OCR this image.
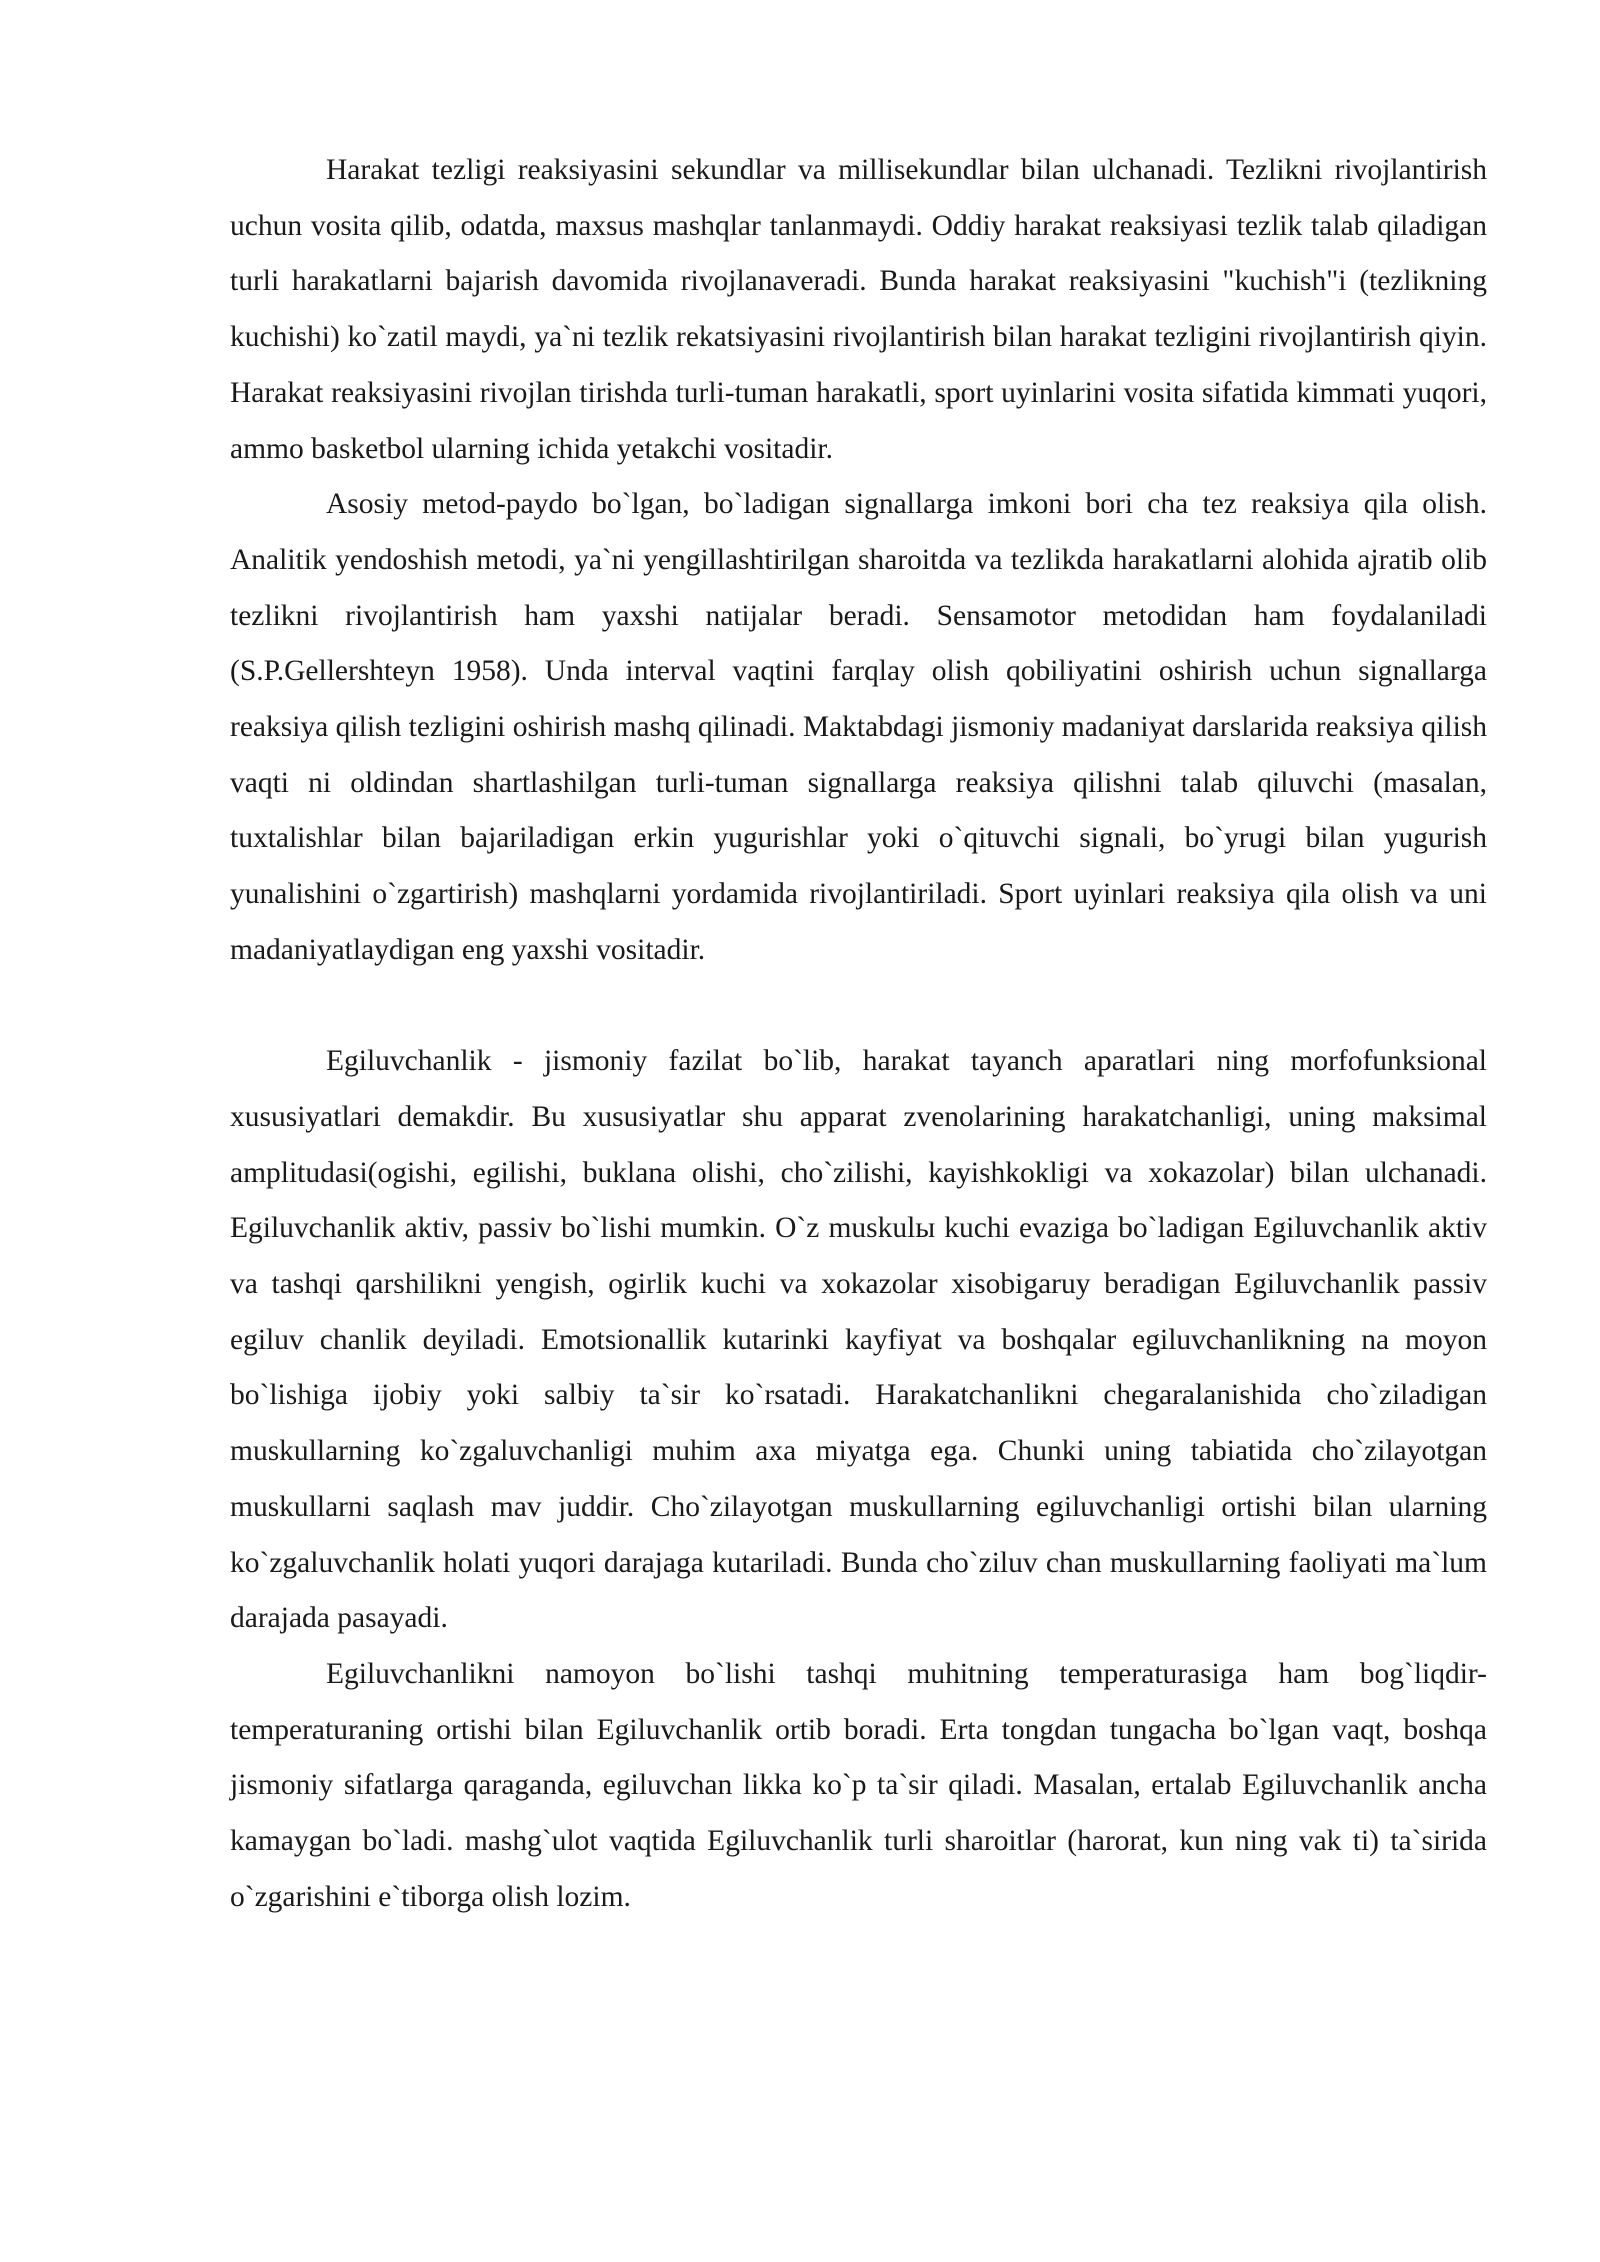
Harakat tezligi reaksiyasini sekundlar va millisekundlar bilan ulchanadi. Tezlikni rivojlantirish uchun vosita qilib, odatda, maxsus mashqlar tanlanmaydi. Oddiy harakat reaksiyasi tezlik talab qiladigan turli harakatlarni bajarish davomida rivojlanaveradi. Bunda harakat reaksiyasini "kuchish"i (tezlikning kuchishi) ko`zatil maydi, ya`ni tezlik rekatsiyasini rivojlantirish bilan harakat tezligini rivojlantirish qiyin. Harakat reaksiyasini rivojlan tirishda turli-tuman harakatli, sport uyinlarini vosita sifatida kimmati yuqori, ammo basketbol ularning ichida yetakchi vositadir.

Asosiy metod-paydo bo`lgan, bo`ladigan signallarga imkoni bori cha tez reaksiya qila olish. Analitik yendoshish metodi, ya`ni yengillashtirilgan sharoitda va tezlikda harakatlarni alohida ajratib olib tezlikni rivojlantirish ham yaxshi natijalar beradi. Sensamotor metodidan ham foydalaniladi (S.P.Gellershteyn 1958). Unda interval vaqtini farqlay olish qobiliyatini oshirish uchun signallarga reaksiya qilish tezligini oshirish mashq qilinadi. Maktabdagi jismoniy madaniyat darslarida reaksiya qilish vaqti ni oldindan shartlashilgan turli-tuman signallarga reaksiya qilishni talab qiluvchi (masalan, tuxtalishlar bilan bajariladigan erkin yugurishlar yoki o`qituvchi signali, bo`yrugi bilan yugurish yunalishini o`zgartirish) mashqlarni yordamida rivojlantiriladi. Sport uyinlari reaksiya qila olish va uni madaniyatlaydigan eng yaxshi vositadir.

Egiluvchanlik - jismoniy fazilat bo`lib, harakat tayanch aparatlari ning morfofunksional xususiyatlari demakdir. Bu xususiyatlar shu apparat zvenolarining harakatchanligi, uning maksimal amplitudasi(ogishi, egilishi, buklana olishi, cho`zilishi, kayishkokligi va xokazolar) bilan ulchanadi. Egiluvchanlik aktiv, passiv bo`lishi mumkin. O`z muskulы kuchi evaziga bo`ladigan Egiluvchanlik aktiv va tashqi qarshilikni yengish, ogirlik kuchi va xokazolar xisobigaruy beradigan Egiluvchanlik passiv egiluv chanlik deyiladi. Emotsionallik kutarinki kayfiyat va boshqalar egiluvchanlikning na moyon bo`lishiga ijobiy yoki salbiy ta`sir ko`rsatadi. Harakatchanlikni chegaralanishida cho`ziladigan muskullarning ko`zgaluvchanligi muhim axa miyatga ega. Chunki uning tabiatida cho`zilayotgan muskullarni saqlash mav juddir. Cho`zilayotgan muskullarning egiluvchanligi ortishi bilan ularning ko`zgaluvchanlik holati yuqori darajaga kutariladi. Bunda cho`ziluv chan muskullarning faoliyati ma`lum darajada pasayadi.

Egiluvchanlikni namoyon bo`lishi tashqi muhitning temperaturasiga ham bog`liqdir-temperaturaning ortishi bilan Egiluvchanlik ortib boradi. Erta tongdan tungacha bo`lgan vaqt, boshqa jismoniy sifatlarga qaraganda, egiluvchan likka ko`p ta`sir qiladi. Masalan, ertalab Egiluvchanlik ancha kamaygan bo`ladi. mashg`ulot vaqtida Egiluvchanlik turli sharoitlar (harorat, kun ning vak ti) ta`sirida o`zgarishini e`tiborga olish lozim.
